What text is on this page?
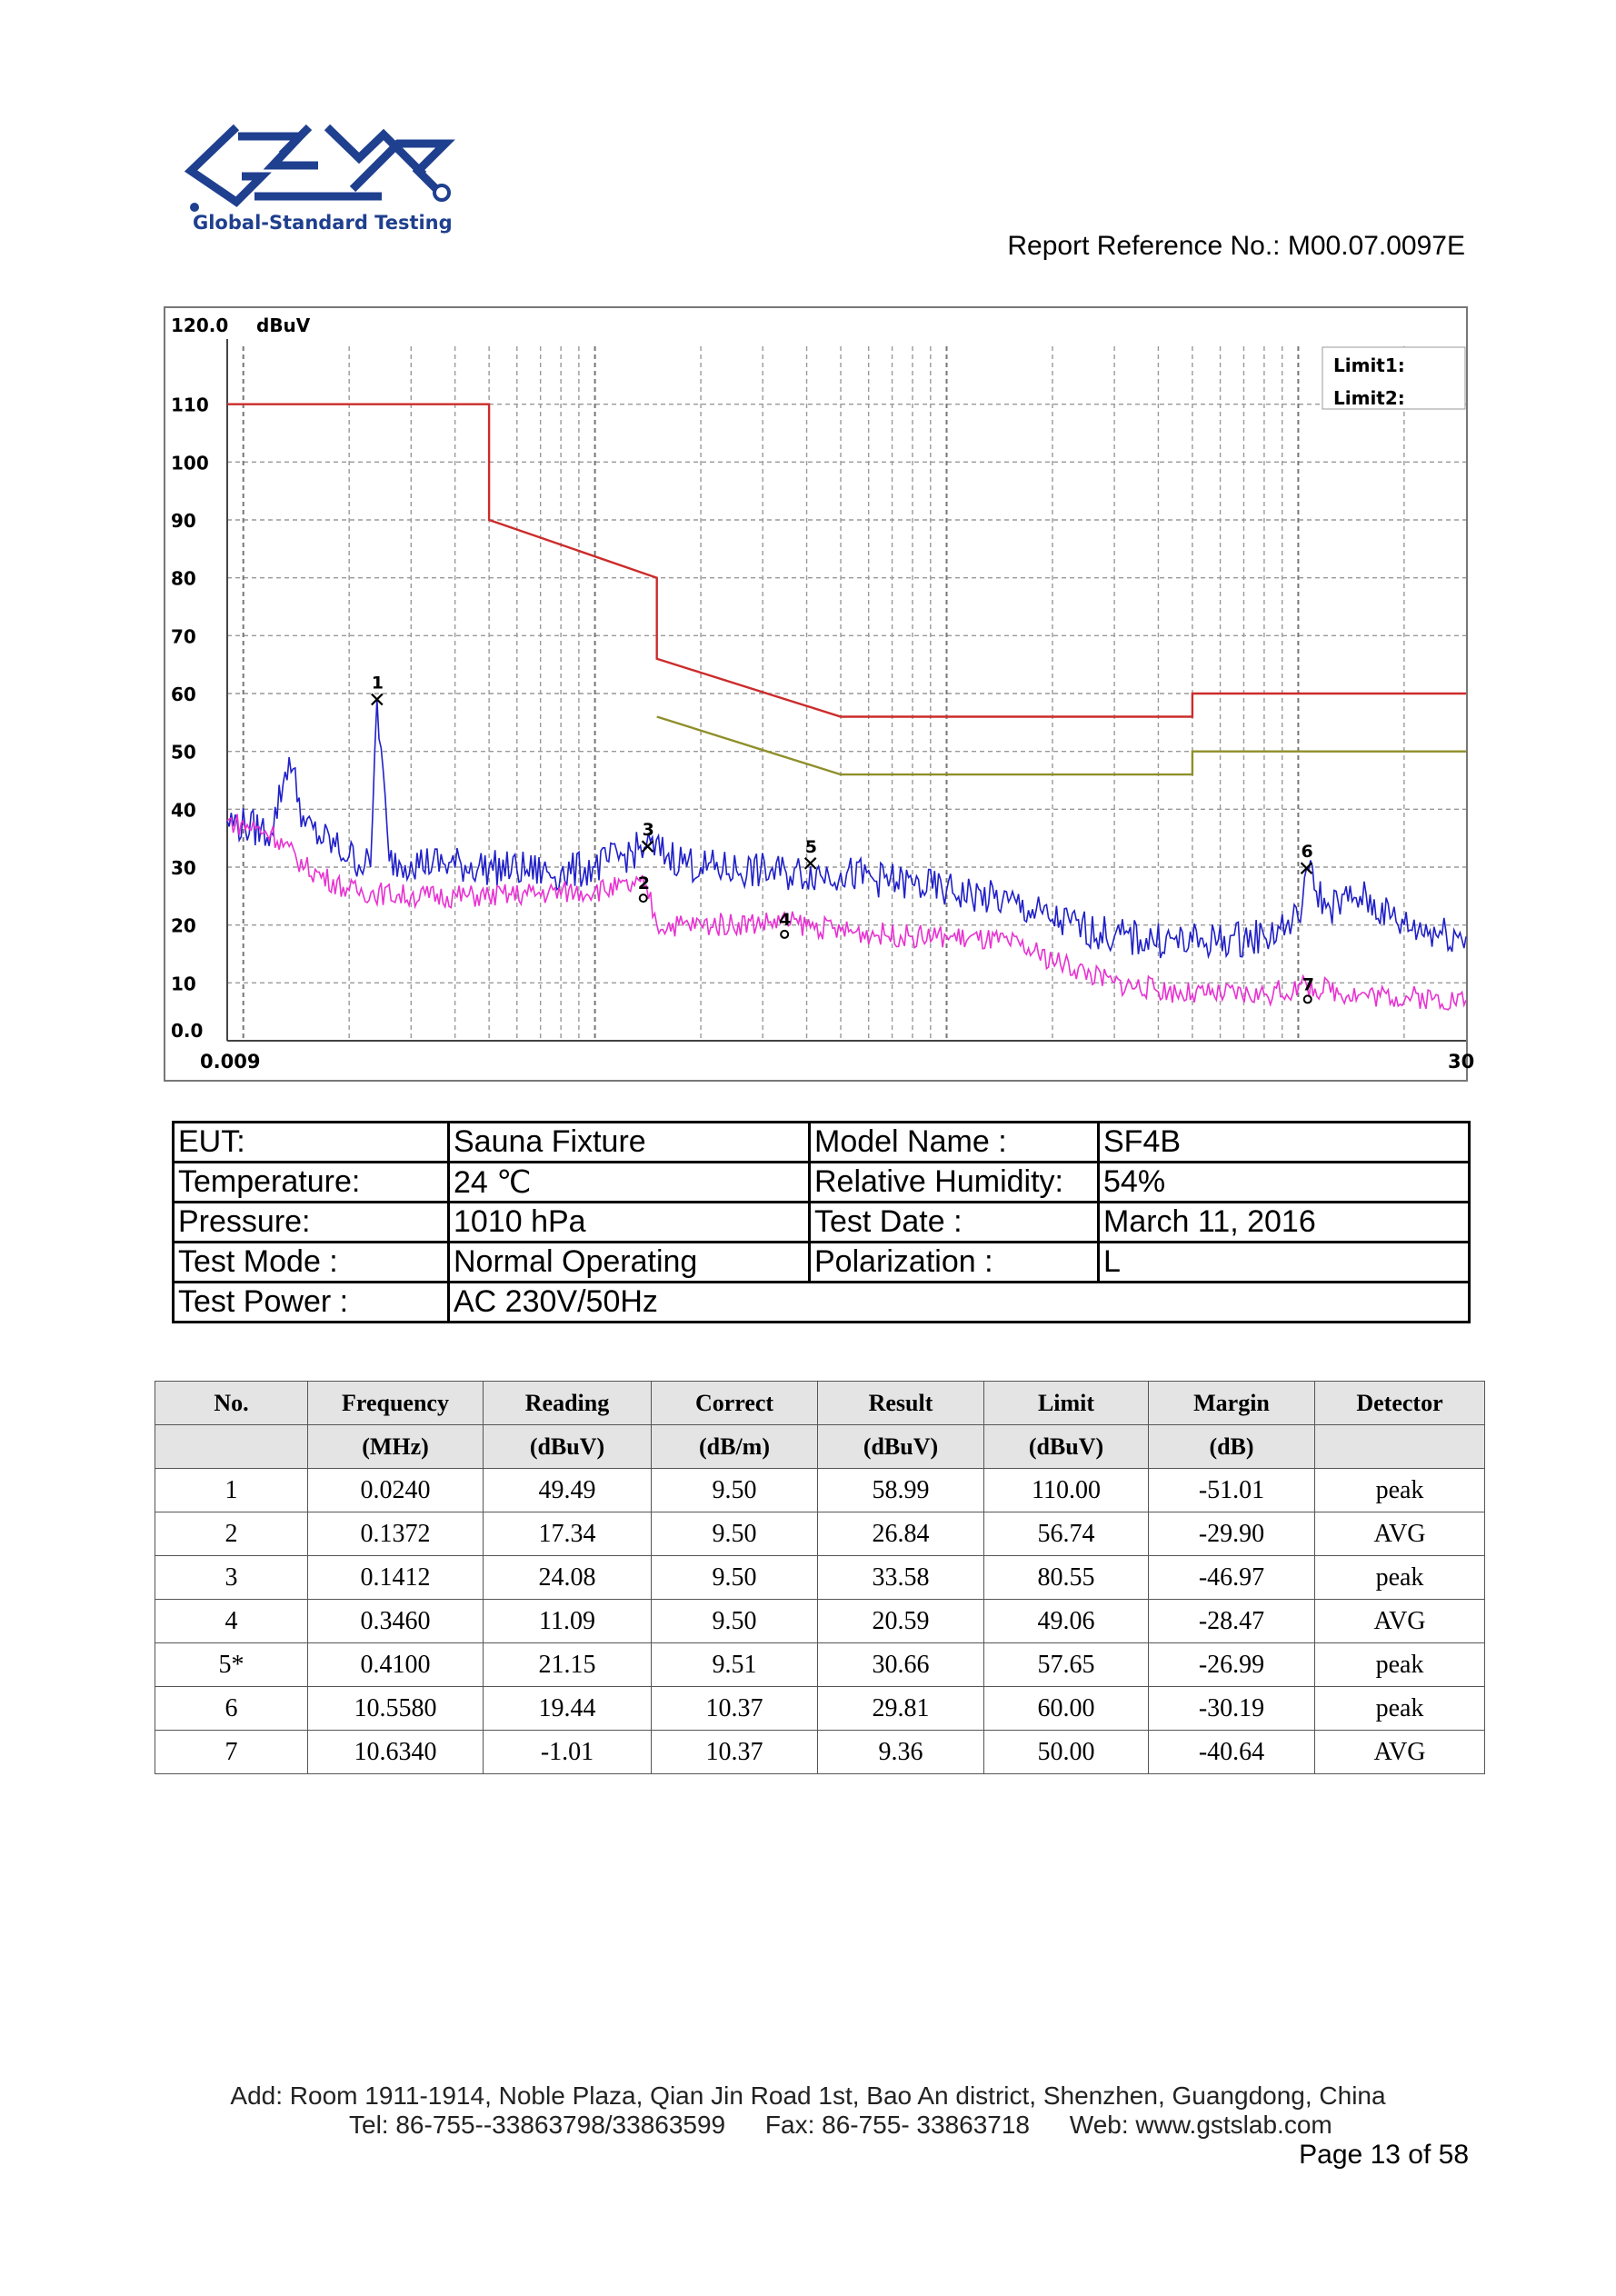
Global-Standard Testing
Report Reference No.: M00.07.0097E
120.0
110
100
90
80
70
60
50
40
30
20
10
0.0
dBuV
0.009	30
1
2
3
4
5	6
7
Limit1:
Limit2:
EUT:	Sauna Fixture	Model Name :	SF4B
Temperature:	24 ℃	Relative Humidity:	54%
Pressure:	1010 hPa	Test Date :	March 11, 2016
Test Mode :	Normal Operating	Polarization :	L
Test Power :	AC 230V/50Hz		
No.	Frequency	Reading	Correct	Result	Limit	Margin	Detector
	(MHz)	(dBuV)	(dB/m)	(dBuV)	(dBuV)	(dB)	
1	0.0240	49.49	9.50	58.99	110.00	-51.01	peak
2	0.1372	17.34	9.50	26.84	56.74	-29.90	AVG
3	0.1412	24.08	9.50	33.58	80.55	-46.97	peak
4	0.3460	11.09	9.50	20.59	49.06	-28.47	AVG
5*	0.4100	21.15	9.51	30.66	57.65	-26.99	peak
6	10.5580	19.44	10.37	29.81	60.00	-30.19	peak
7	10.6340	-1.01	10.37	9.36	50.00	-40.64	AVG
Add: Room 1911-1914, Noble Plaza, Qian Jin Road 1st, Bao An district, Shenzhen, Guangdong, China
Tel: 86-755--33863798/33863599 Fax: 86-755- 33863718 Web: www.gstslab.com
Page 13 of 58
